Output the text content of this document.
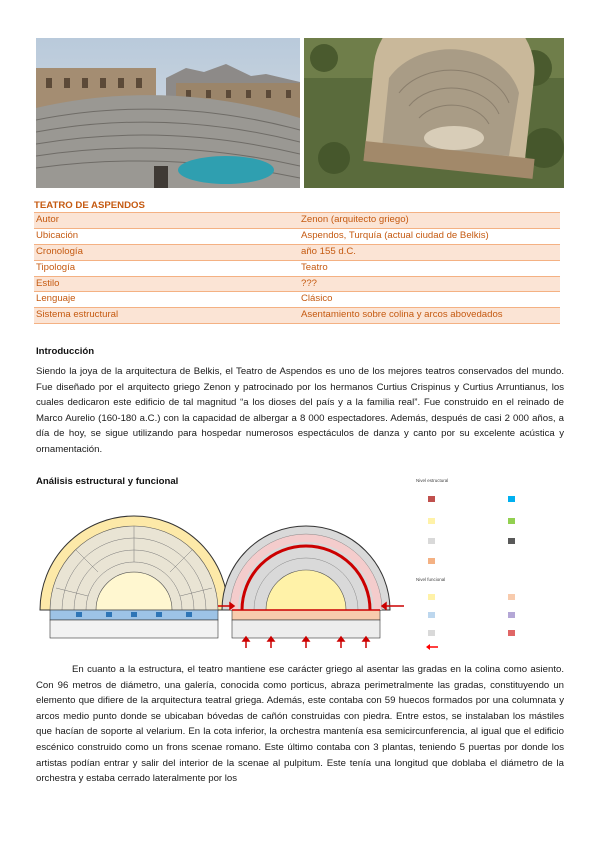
TEATRO DE ASPENDOS
Autor	Zenon (arquitecto griego)
Ubicación	Aspendos, Turquía (actual ciudad de Belkis)
Cronología	año 155 d.C.
Tipología	Teatro
Estilo	???
Lenguaje	Clásico
Sistema estructural	Asentamiento sobre colina y arcos abovedados
Introducción
Siendo la joya de la arquitectura de Belkis, el Teatro de Aspendos es uno de los mejores teatros conservados del mundo. Fue diseñado por el arquitecto griego Zenon y patrocinado por los hermanos Curtius Crispinus y Curtius Arruntianus, los cuales dedicaron este edificio de tal magnitud “a los dioses del país y a la familia real”. Fue construido en el reinado de Marco Aurelio (160-180 a.C.) con la capacidad de albergar a 8 000 espectadores. Además, después de casi 2 000 años, a día de hoy, se sigue utilizando para hospedar numerosos espectáculos de danza y canto por su excelente acústica y ornamentación.
Análisis estructural y funcional	Nivel estructural
Nivel funcional
En cuanto a la estructura, el teatro mantiene ese carácter griego al asentar las gradas en la colina como asiento. Con 96 metros de diámetro, una galería, conocida como porticus, abraza perimetralmente las gradas, constituyendo un elemento que difiere de la arquitectura teatral griega. Además, este contaba con 59 huecos formados por una columnata y arcos medio punto donde se ubicaban bóvedas de cañón construidas con piedra. Entre estos, se instalaban los mástiles que hacían de soporte al velarium. En la cota inferior, la orchestra mantenía esa semicircunferencia, al igual que el edificio escénico construido como un frons scenae romano. Este último contaba con 3 plantas, teniendo 5 puertas por donde los artistas podían entrar y salir del interior de la scenae al pulpitum. Este tenía una longitud que doblaba el diámetro de la orchestra y estaba cerrado lateralmente por los
